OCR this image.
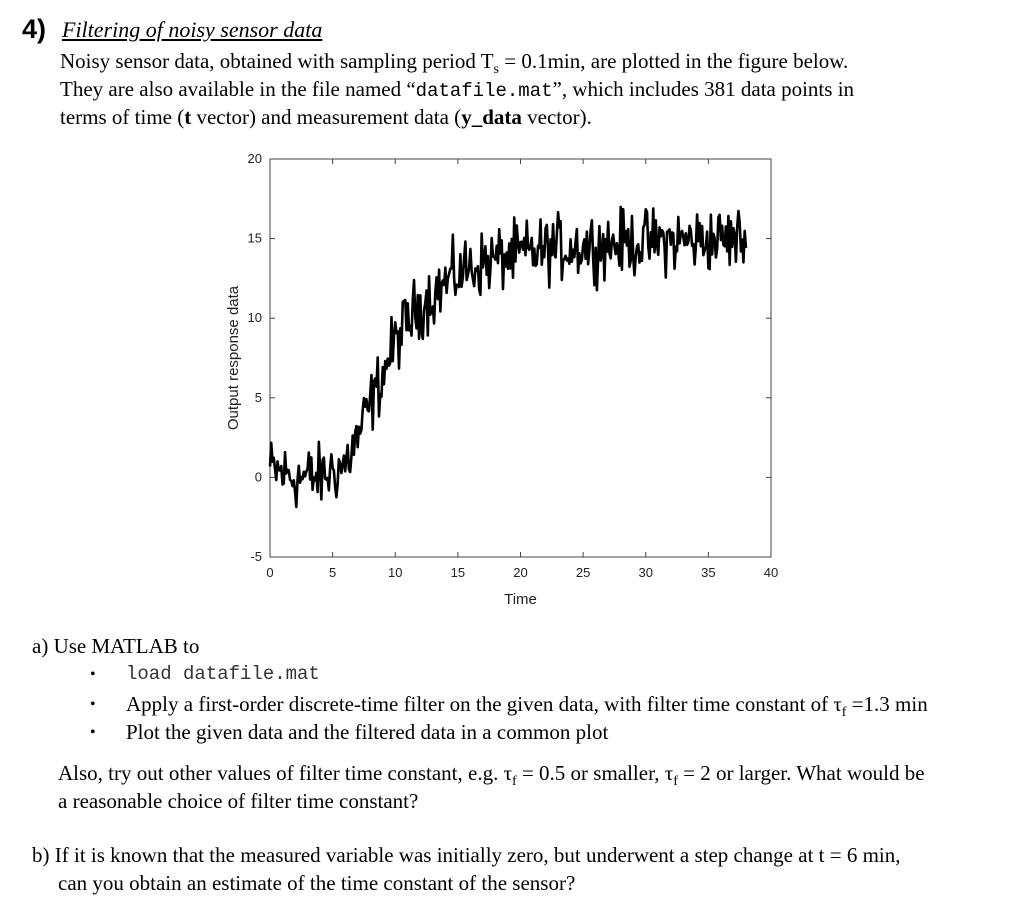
4) Filtering of noisy sensor data
Noisy sensor data, obtained with sampling period $T_s = 0.1\min$, are plotted in the figure below.
They are also available in the file named “datafile.mat”, which includes 381 data points in
terms of time (t vector) and measurement data (y_data vector).
0	5	10	15	20	25	30	35	40
-5
0
5
10
15
20
Time
Output response data
a) Use MATLAB to
• load datafile.mat
• Apply a first-order discrete-time filter on the given data, with filter time constant of $\tau_f =1.3$ min
• Plot the given data and the filtered data in a common plot
Also, try out other values of filter time constant, e.g. $\tau_f = 0.5$ or smaller, $\tau_f = 2$ or larger. What would be
a reasonable choice of filter time constant?
b) If it is known that the measured variable was initially zero, but underwent a step change at t = 6 min,
can you obtain an estimate of the time constant of the sensor?
